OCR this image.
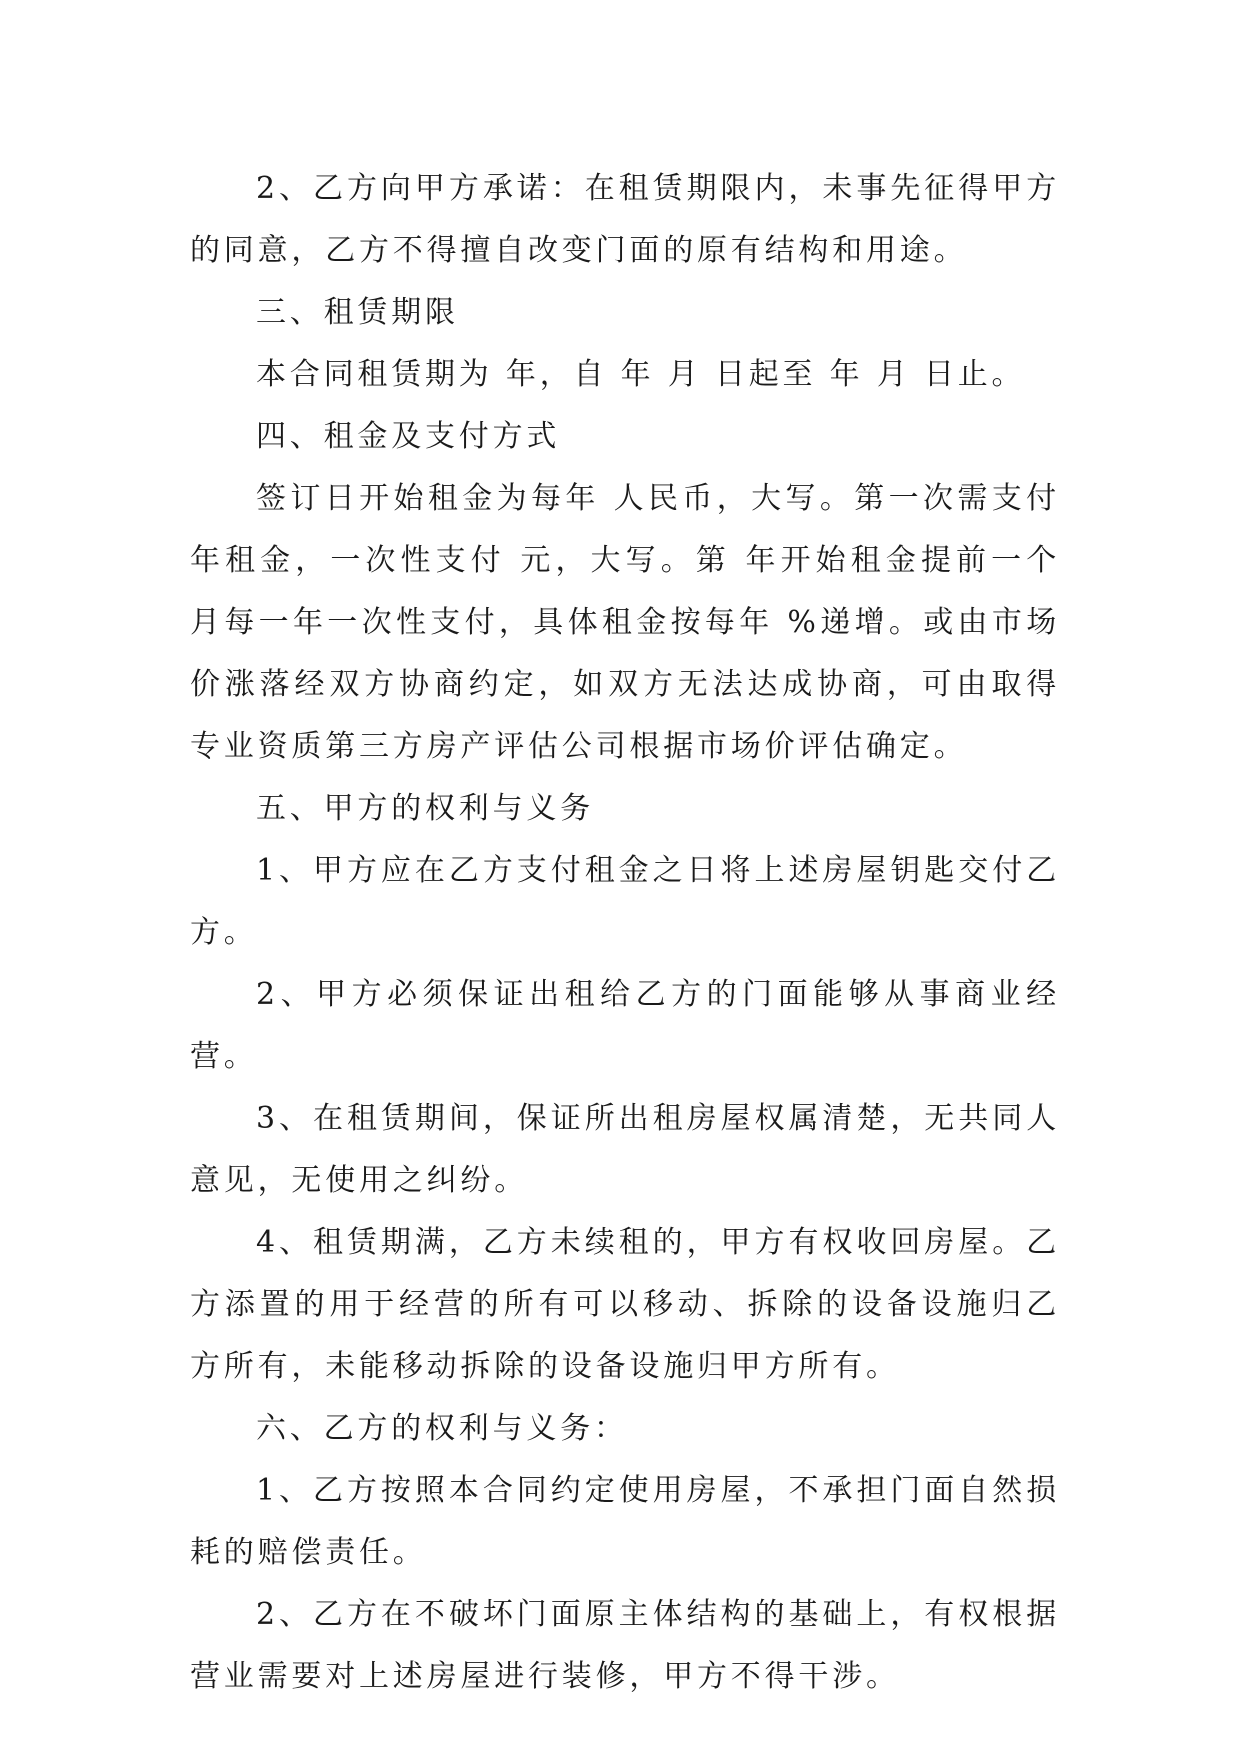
2、乙方向甲方承诺：在租赁期限内，未事先征得甲方的同意，乙方不得擅自改变门面的原有结构和用途。

三、租赁期限

本合同租赁期为 年，自 年 月 日起至 年 月 日止。

四、租金及支付方式

签订日开始租金为每年 人民币，大写。第一次需支付年租金，一次性支付 元，大写。第 年开始租金提前一个月每一年一次性支付，具体租金按每年 %递增。或由市场价涨落经双方协商约定，如双方无法达成协商，可由取得专业资质第三方房产评估公司根据市场价评估确定。

五、甲方的权利与义务

1、甲方应在乙方支付租金之日将上述房屋钥匙交付乙方。

2、甲方必须保证出租给乙方的门面能够从事商业经营。

3、在租赁期间，保证所出租房屋权属清楚，无共同人意见，无使用之纠纷。

4、租赁期满，乙方未续租的，甲方有权收回房屋。乙方添置的用于经营的所有可以移动、拆除的设备设施归乙方所有，未能移动拆除的设备设施归甲方所有。

六、乙方的权利与义务：

1、乙方按照本合同约定使用房屋，不承担门面自然损耗的赔偿责任。

2、乙方在不破坏门面原主体结构的基础上，有权根据营业需要对上述房屋进行装修，甲方不得干涉。
